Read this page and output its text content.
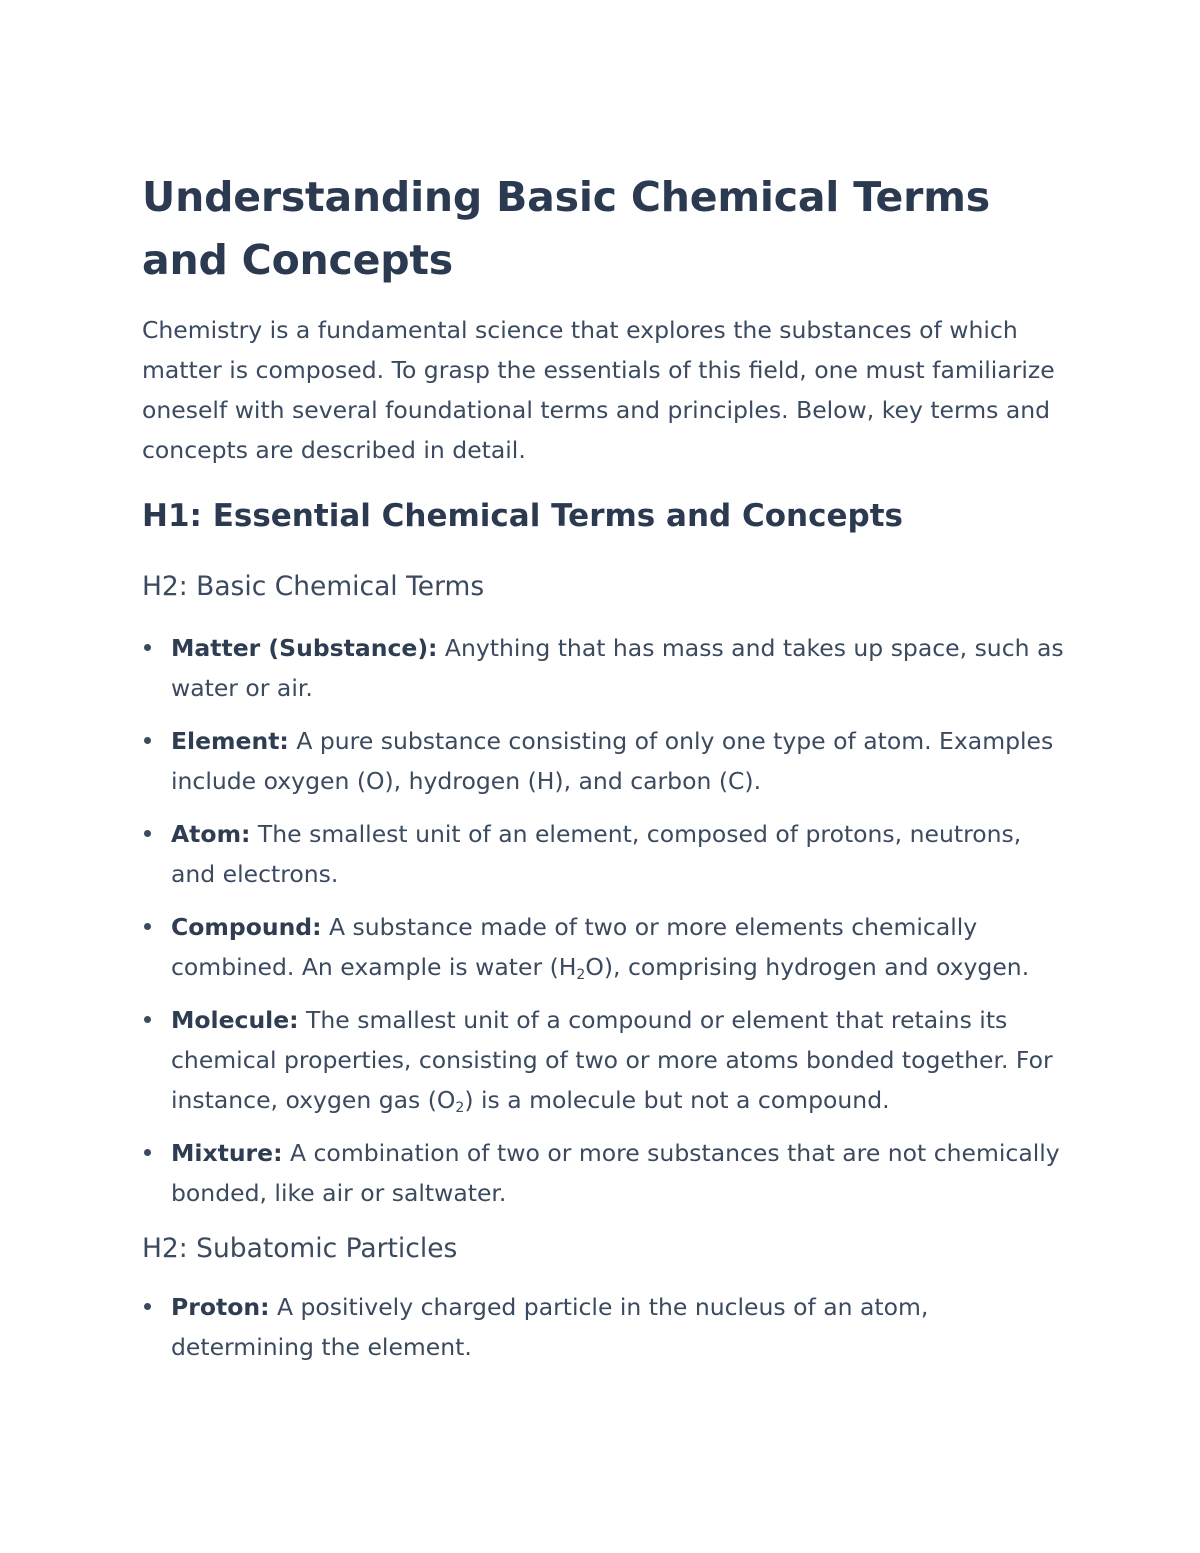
Understanding Basic Chemical Terms and Concepts

Chemistry is a fundamental science that explores the substances of which matter is composed. To grasp the essentials of this field, one must familiarize oneself with several foundational terms and principles. Below, key terms and concepts are described in detail.

H1: Essential Chemical Terms and Concepts
H2: Basic Chemical Terms
Matter (Substance): Anything that has mass and takes up space, such as water or air.
Element: A pure substance consisting of only one type of atom. Examples include oxygen (O), hydrogen (H), and carbon (C).
Atom: The smallest unit of an element, composed of protons, neutrons, and electrons.
Compound: A substance made of two or more elements chemically combined. An example is water $(H_2O)$, comprising hydrogen and oxygen.
Molecule: The smallest unit of a compound or element that retains its chemical properties, consisting of two or more atoms bonded together. For instance, oxygen gas $(O_2)$ is a molecule but not a compound.
Mixture: A combination of two or more substances that are not chemically bonded, like air or saltwater.
H2: Subatomic Particles
Proton: A positively charged particle in the nucleus of an atom, determining the element.
